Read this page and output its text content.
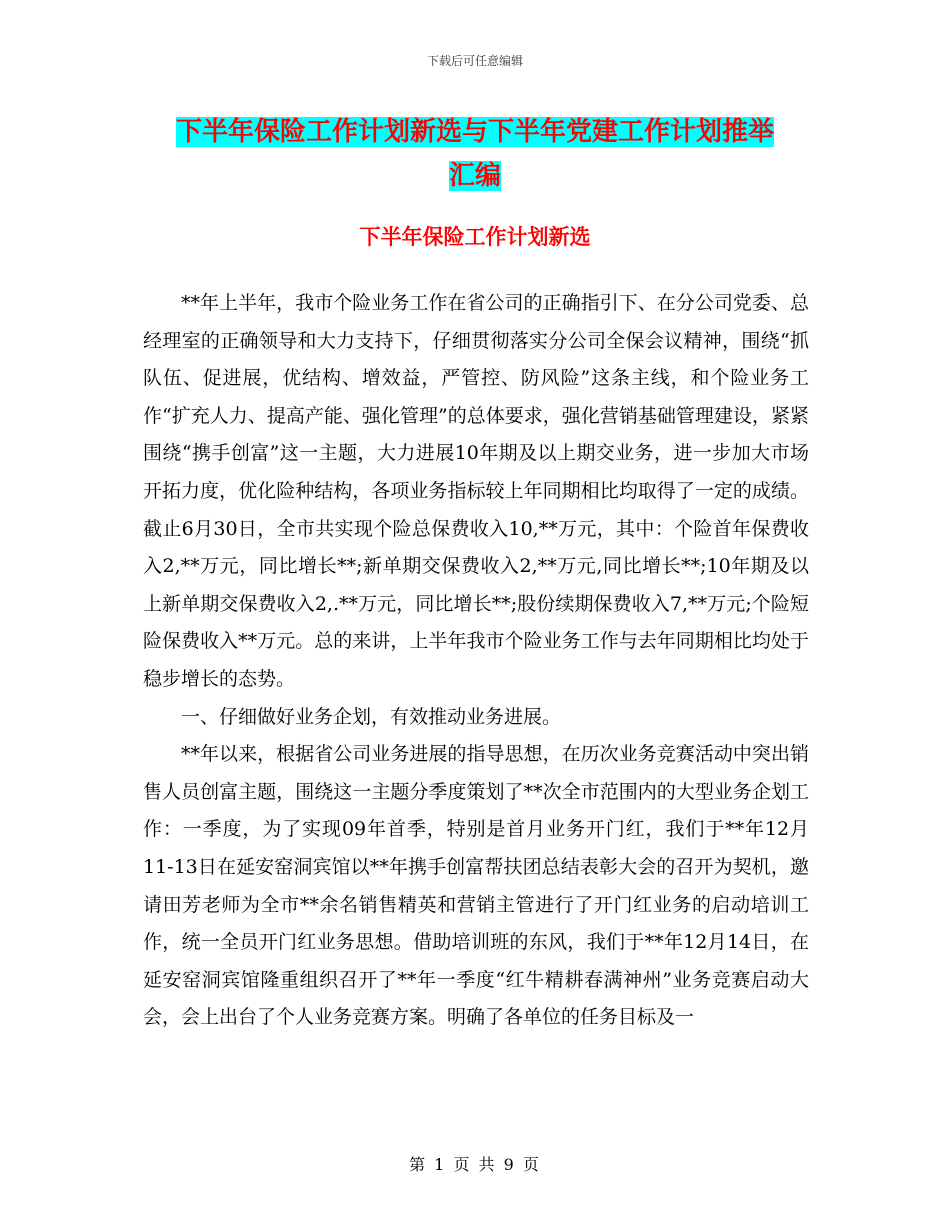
下载后可任意编辑
下半年保险工作计划新选与下半年党建工作计划推举
汇编
下半年保险工作计划新选

**年上半年，我市个险业务工作在省公司的正确指引下、在分公司党委、总经理室的正确领导和大力支持下，仔细贯彻落实分公司全保会议精神，围绕“抓队伍、促进展，优结构、增效益，严管控、防风险”这条主线，和个险业务工作“扩充人力、提高产能、强化管理”的总体要求，强化营销基础管理建设，紧紧围绕“携手创富”这一主题，大力进展10年期及以上期交业务，进一步加大市场开拓力度，优化险种结构，各项业务指标较上年同期相比均取得了一定的成绩。截止6月30日，全市共实现个险总保费收入10,**万元，其中：个险首年保费收入2,**万元，同比增长**;新单期交保费收入2,**万元,同比增长**;10年期及以上新单期交保费收入2,.**万元，同比增长**;股份续期保费收入7,**万元;个险短险保费收入**万元。总的来讲，上半年我市个险业务工作与去年同期相比均处于稳步增长的态势。

一、仔细做好业务企划，有效推动业务进展。

**年以来，根据省公司业务进展的指导思想，在历次业务竞赛活动中突出销售人员创富主题，围绕这一主题分季度策划了**次全市范围内的大型业务企划工作：一季度，为了实现09年首季，特别是首月业务开门红，我们于**年12月11-13日在延安窑洞宾馆以**年携手创富帮扶团总结表彰大会的召开为契机，邀请田芳老师为全市**余名销售精英和营销主管进行了开门红业务的启动培训工作，统一全员开门红业务思想。借助培训班的东风，我们于**年12月14日，在延安窑洞宾馆隆重组织召开了**年一季度“红牛精耕春满神州”业务竞赛启动大会，会上出台了个人业务竞赛方案。明确了各单位的任务目标及一

第 1 页 共 9 页
